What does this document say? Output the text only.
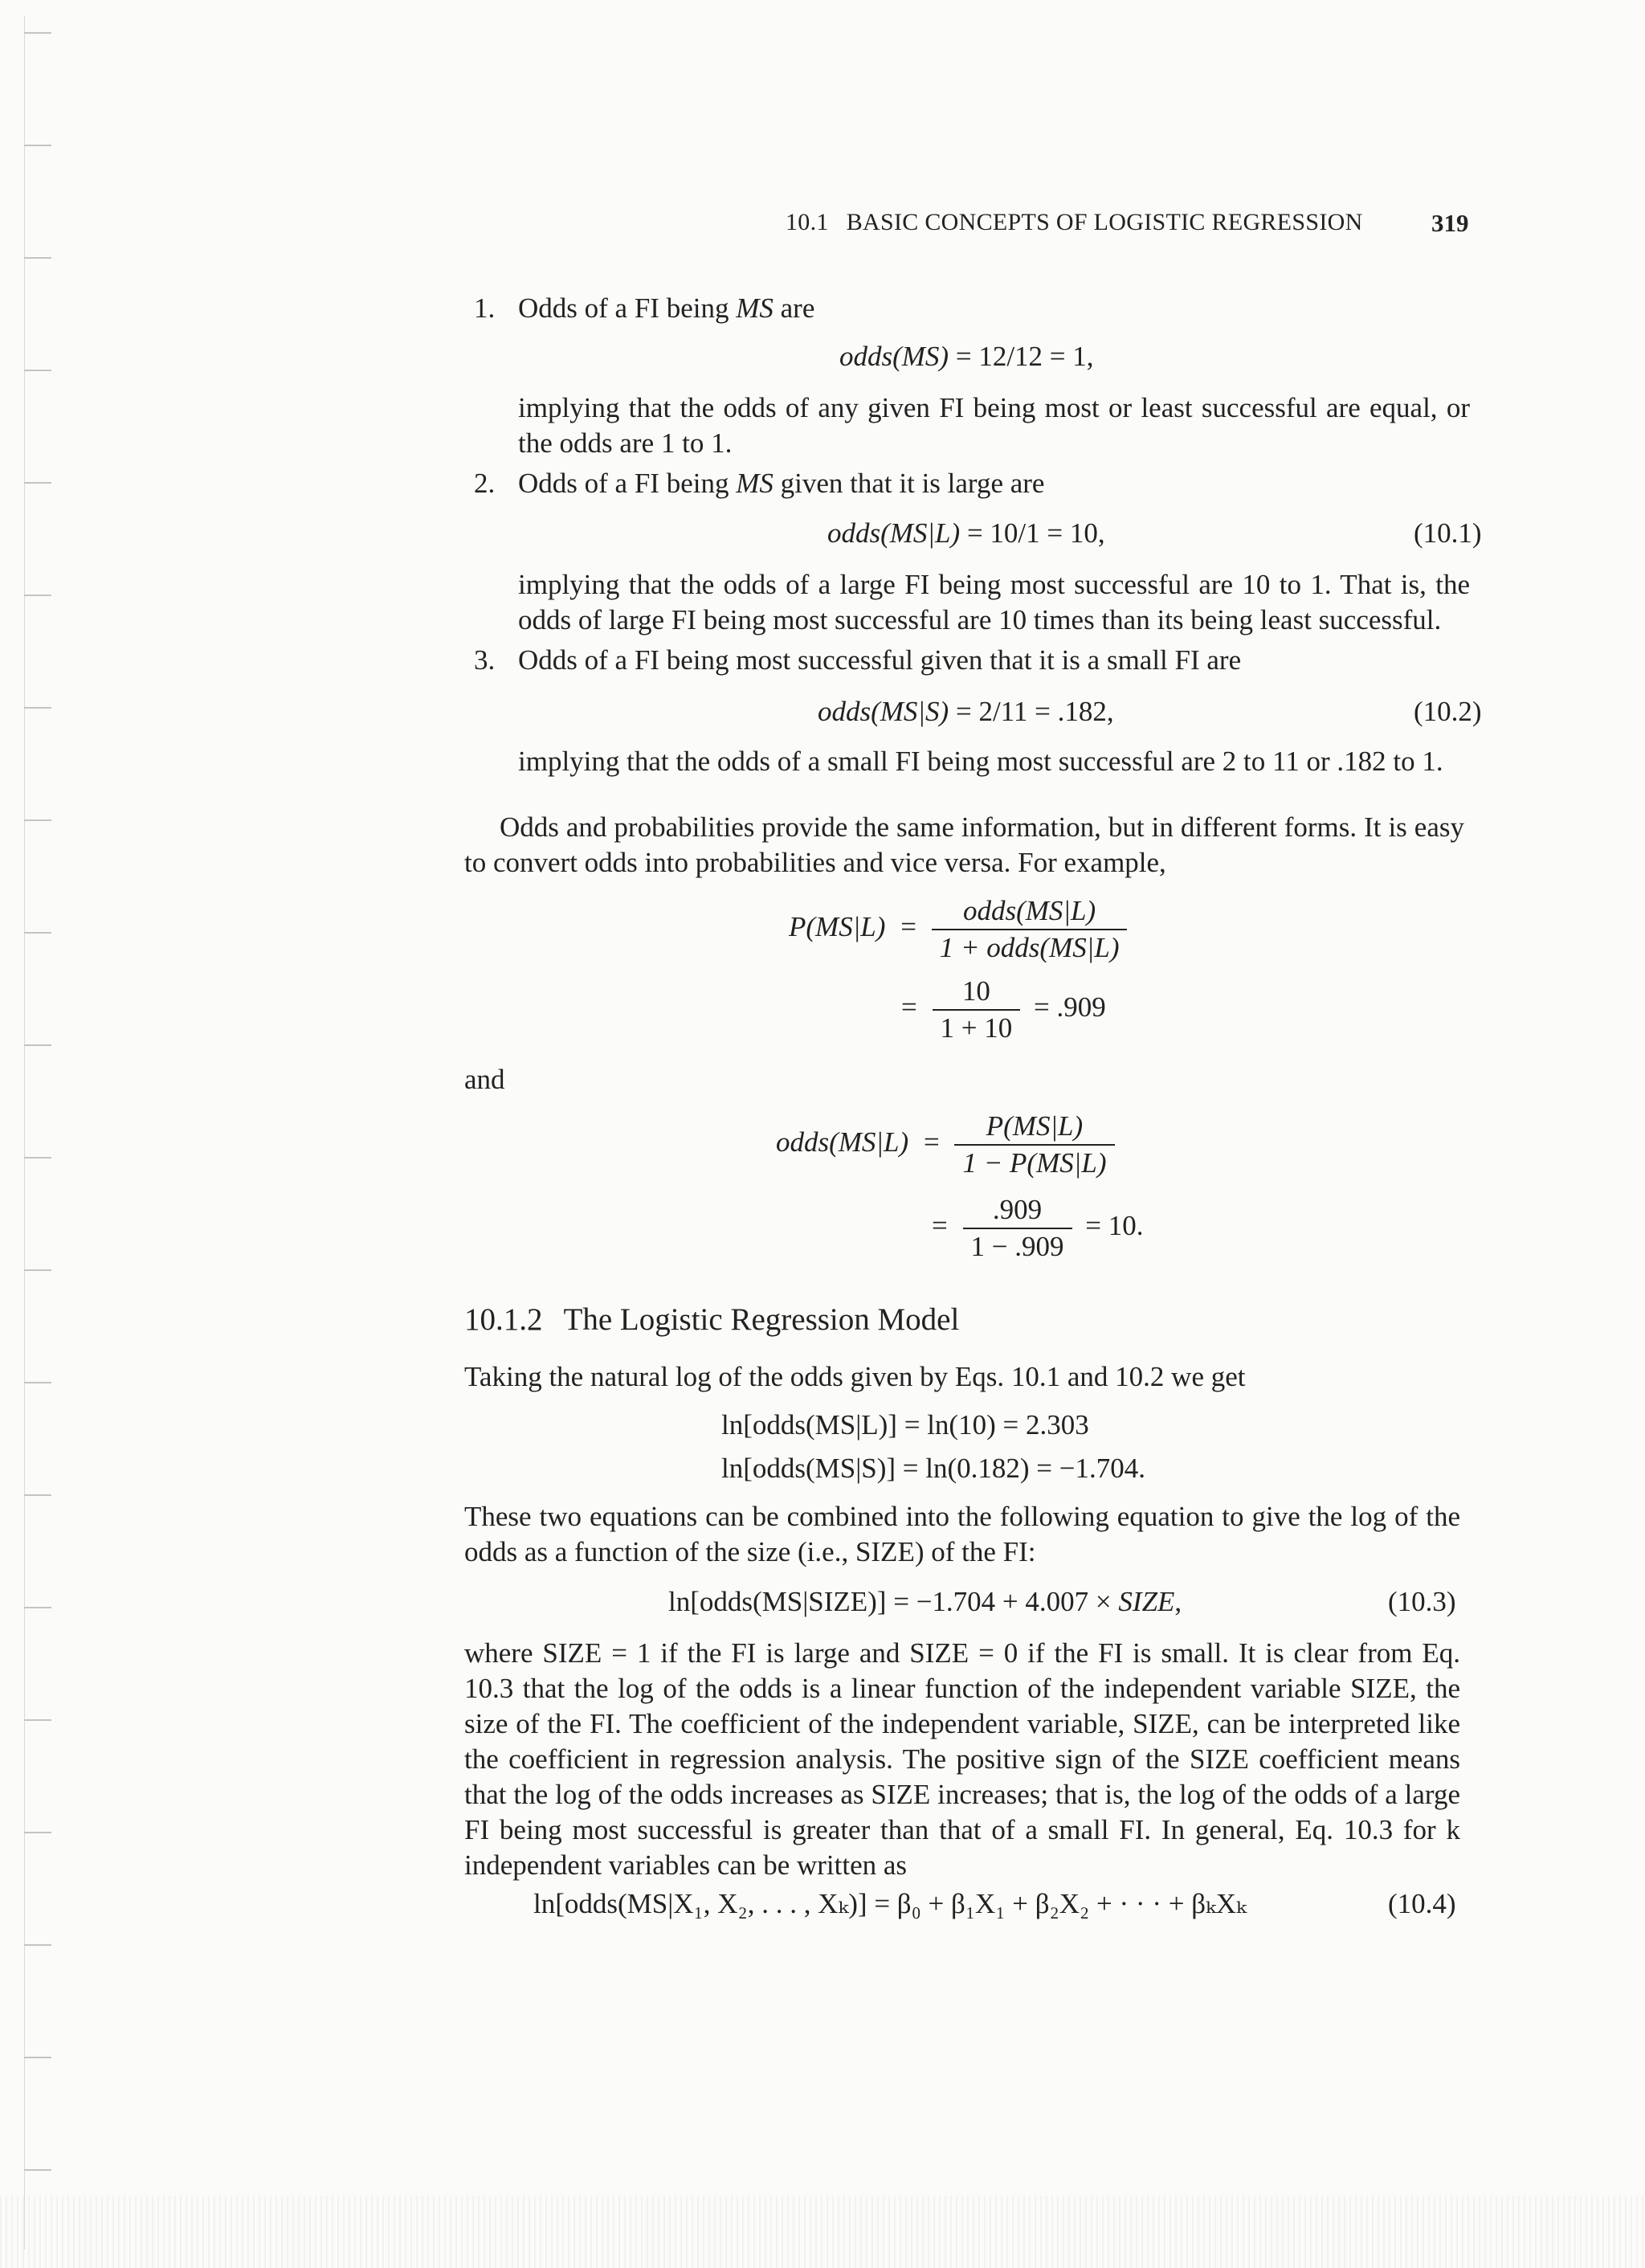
10.1 BASIC CONCEPTS OF LOGISTIC REGRESSION	319
1. Odds of a FI being MS are
odds(MS) = 12/12 = 1,
implying that the odds of any given FI being most or least successful are equal, or the odds are 1 to 1.
2. Odds of a FI being MS given that it is large are
odds(MS|L) = 10/1 = 10,	(10.1)
implying that the odds of a large FI being most successful are 10 to 1. That is, the odds of large FI being most successful are 10 times than its being least successful.
3. Odds of a FI being most successful given that it is a small FI are
odds(MS|S) = 2/11 = .182,	(10.2)
implying that the odds of a small FI being most successful are 2 to 11 or .182 to 1.
Odds and probabilities provide the same information, but in different forms. It is easy to convert odds into probabilities and vice versa. For example,
$P(MS|L) = \frac{\text{odds(MS|L)}}{\text{1 + odds(MS|L)}}$
= $\frac{10}{1 + 10} = .909$
and
odds(MS|L) = $\frac{P(MS|L)}{1 - P(MS|L)}$
= $\frac{.909}{1 - .909} = 10$.
10.1.2 The Logistic Regression Model
Taking the natural log of the odds given by Eqs. 10.1 and 10.2 we get
ln[odds(MS|L)] = ln(10) = 2.303
ln[odds(MS|S)] = ln(0.182) = −1.704.
These two equations can be combined into the following equation to give the log of the odds as a function of the size (i.e., SIZE) of the FI:
ln[odds(MS|SIZE)] = −1.704 + 4.007 × SIZE,	(10.3)
where SIZE = 1 if the FI is large and SIZE = 0 if the FI is small. It is clear from Eq. 10.3 that the log of the odds is a linear function of the independent variable SIZE, the size of the FI. The coefficient of the independent variable, SIZE, can be interpreted like the coefficient in regression analysis. The positive sign of the SIZE coefficient means that the log of the odds increases as SIZE increases; that is, the log of the odds of a large FI being most successful is greater than that of a small FI. In general, Eq. 10.3 for k independent variables can be written as
ln[odds(MS|X₁, X₂, . . . , Xₖ)] = β₀ + β₁X₁ + β₂X₂ + · · · + βₖXₖ	(10.4)
